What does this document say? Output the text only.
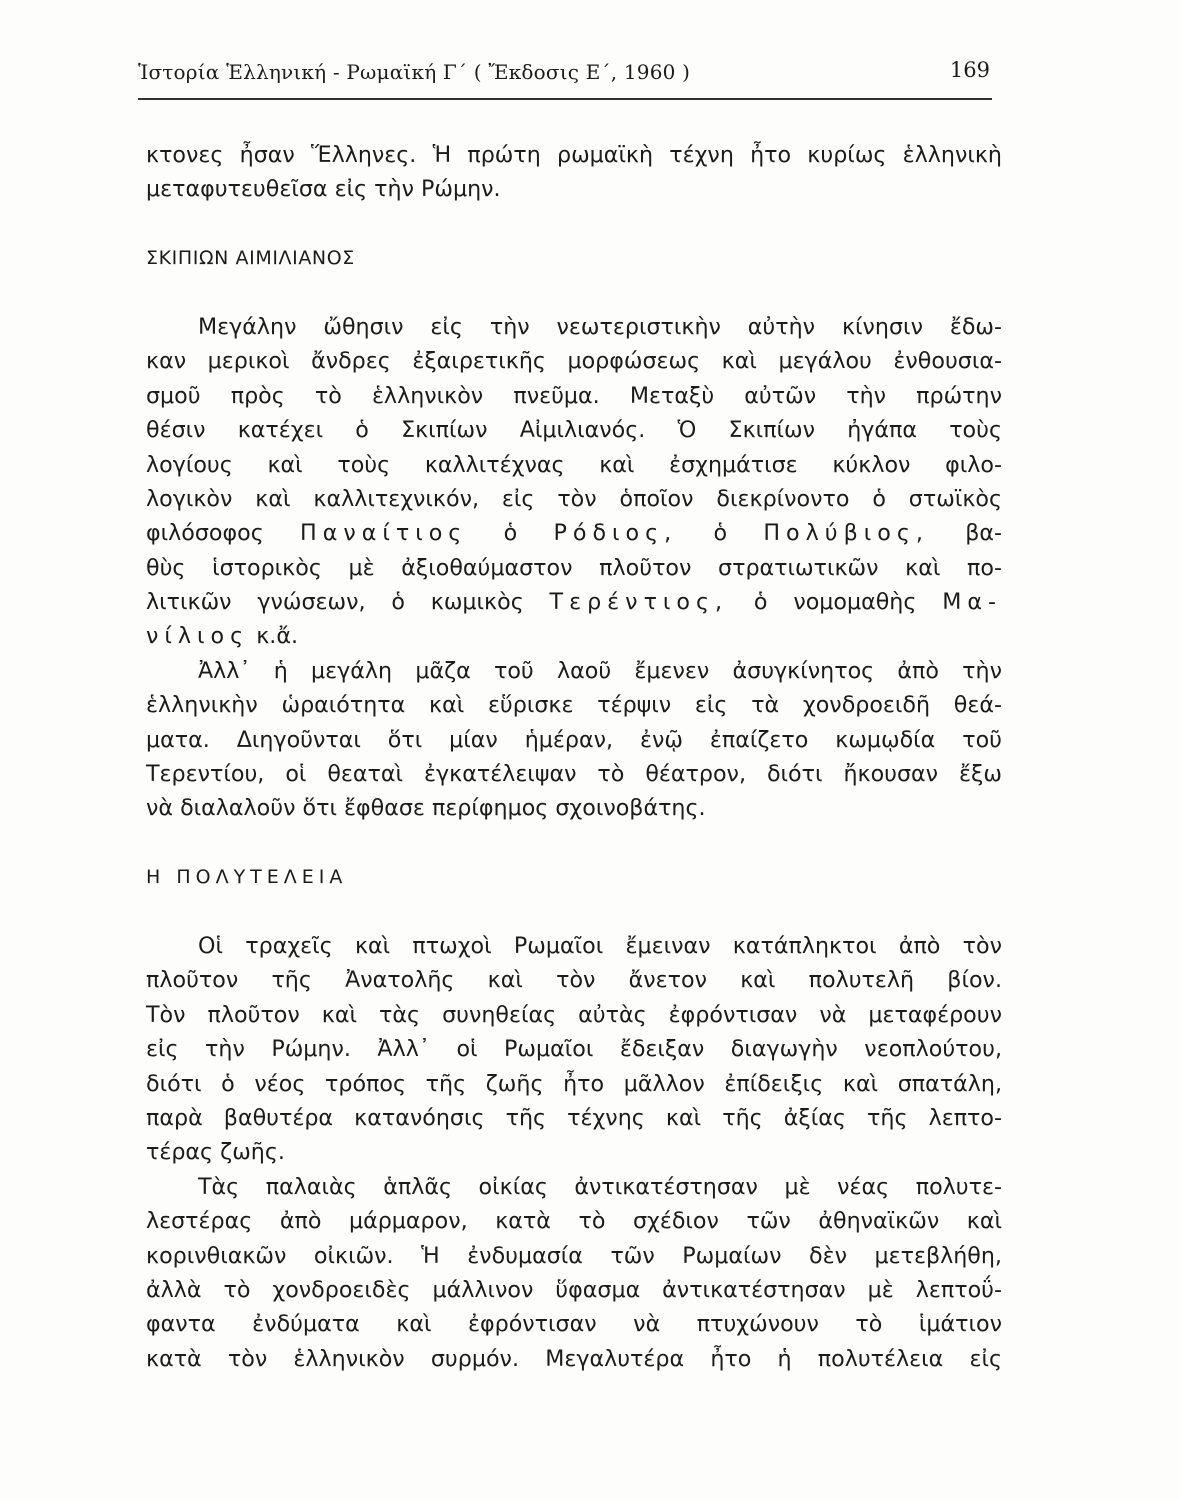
Ἱστορία Ἑλληνική - Ρωμαϊκή Γ΄ ( Ἔκδοσις Ε΄, 1960 )	169
κτονες ἦσαν Ἕλληνες. Ἡ πρώτη ρωμαϊκὴ τέχνη ἦτο κυρίως ἑλληνικὴ
μεταφυτευθεῖσα εἰς τὴν Ρώμην.
ΣΚΙΠΙΩΝ ΑΙΜΙΛΙΑΝΟΣ
Μεγάλην ὤθησιν εἰς τὴν νεωτεριστικὴν αὐτὴν κίνησιν ἔδω-
καν μερικοὶ ἄνδρες ἐξαιρετικῆς μορφώσεως καὶ μεγάλου ἐνθουσια-
σμοῦ πρὸς τὸ ἑλληνικὸν πνεῦμα. Μεταξὺ αὐτῶν τὴν πρώτην
θέσιν κατέχει ὁ Σκιπίων Αἰμιλιανός. Ὁ Σκιπίων ἠγάπα τοὺς
λογίους καὶ τοὺς καλλιτέχνας καὶ ἐσχημάτισε κύκλον φιλο-
λογικὸν καὶ καλλιτεχνικόν, εἰς τὸν ὁποῖον διεκρίνοντο ὁ στωϊκὸς
φιλόσοφος Παναίτιος ὁ Ρόδιος, ὁ Πολύβιος, βα-
θὺς ἱστορικὸς μὲ ἀξιοθαύμαστον πλοῦτον στρατιωτικῶν καὶ πο-
λιτικῶν γνώσεων, ὁ κωμικὸς Τερέντιος, ὁ νομομαθὴς Μα-
νίλιος κ.ἄ.
Ἀλλ᾽ ἡ μεγάλη μᾶζα τοῦ λαοῦ ἔμενεν ἀσυγκίνητος ἀπὸ τὴν
ἑλληνικὴν ὡραιότητα καὶ εὕρισκε τέρψιν εἰς τὰ χονδροειδῆ θεά-
ματα. Διηγοῦνται ὅτι μίαν ἡμέραν, ἐνῷ ἐπαίζετο κωμῳδία τοῦ
Τερεντίου, οἱ θεαταὶ ἐγκατέλειψαν τὸ θέατρον, διότι ἤκουσαν ἔξω
νὰ διαλαλοῦν ὅτι ἔφθασε περίφημος σχοινοβάτης.
Η ΠΟΛΥΤΕΛΕΙΑ
Οἱ τραχεῖς καὶ πτωχοὶ Ρωμαῖοι ἔμειναν κατάπληκτοι ἀπὸ τὸν
πλοῦτον τῆς Ἀνατολῆς καὶ τὸν ἄνετον καὶ πολυτελῆ βίον.
Τὸν πλοῦτον καὶ τὰς συνηθείας αὐτὰς ἐφρόντισαν νὰ μεταφέρουν
εἰς τὴν Ρώμην. Ἀλλ᾽ οἱ Ρωμαῖοι ἔδειξαν διαγωγὴν νεοπλούτου,
διότι ὁ νέος τρόπος τῆς ζωῆς ἦτο μᾶλλον ἐπίδειξις καὶ σπατάλη,
παρὰ βαθυτέρα κατανόησις τῆς τέχνης καὶ τῆς ἀξίας τῆς λεπτο-
τέρας ζωῆς.
Τὰς παλαιὰς ἁπλᾶς οἰκίας ἀντικατέστησαν μὲ νέας πολυτε-
λεστέρας ἀπὸ μάρμαρον, κατὰ τὸ σχέδιον τῶν ἀθηναϊκῶν καὶ
κορινθιακῶν οἰκιῶν. Ἡ ἐνδυμασία τῶν Ρωμαίων δὲν μετεβλήθη,
ἀλλὰ τὸ χονδροειδὲς μάλλινον ὕφασμα ἀντικατέστησαν μὲ λεπτοΰ-
φαντα ἐνδύματα καὶ ἐφρόντισαν νὰ πτυχώνουν τὸ ἱμάτιον
κατὰ τὸν ἑλληνικὸν συρμόν. Μεγαλυτέρα ἦτο ἡ πολυτέλεια εἰς
